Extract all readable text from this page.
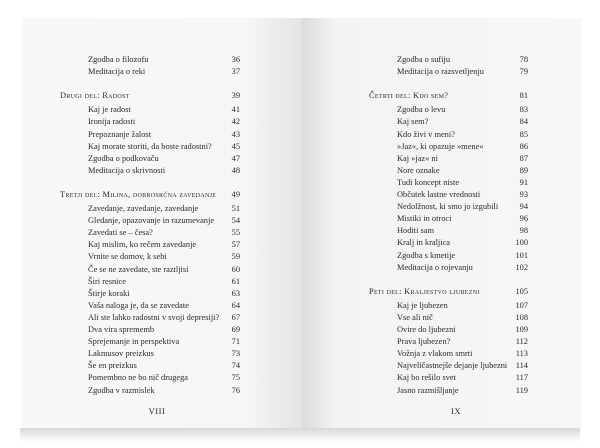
Zgodba o filozofu	36
Meditacija o reki	37
Drugi del: Radost	39
Kaj je radost	41
Ironija radosti	42
Prepoznanje žalost	43
Kaj morate storiti, da boste radostni? 45
Zgodba o podkovaču	47
Meditacija o skrivnosti	48
Tretji del: Milina, dobrosrčna zavedanje 49
Zavedanje, zavedanje, zavedanje	51
Gledanje, opazovanje in razumevanje 54
Zavedati se – česa?	55
Kaj mislim, ko rečem zavedanje	57
Vrnite se domov, k sebi	59
Če se ne zavedate, ste raztljisi	60
Širi resnice	61
Štirje koraki	63
Vaša naloga je, da se zavedate	64
Ali ste lahko radostni v svoji depresiji? 67
Dva vira sprememb	69
Sprejemanje in perspektiva	71
Lakmusov preizkus	73
Še en preizkus	74
Pomembno ne bo nič drugega	75
Zgodba v razmislek	76
VIII
Zgodba o sufiju	78
Meditacija o razsvetljenju	79
Četrti del: Kdo sem?	81
Zgodba o levu	83
Kaj sem?	84
Kdo živi v meni?	85
»Jaz«, ki opazuje »mene«	86
Kaj »jaz« ni	87
Nore oznake	89
Tudi koncept niste	91
Občutek lastne vrednosti	93
Nedolžnost, ki smo jo izgubili	94
Mistiki in otroci	96
Hoditi sam	98
Kralj in kraljica	100
Zgodba s kmetije	101
Meditacija o rojevanju	102
Peti del: Kraljestvo ljubezni	105
Kaj je ljubezen	107
Vse ali nič	108
Ovire do ljubezni	109
Prava ljubezen?	112
Vožnja z vlakom smrti	113
Najveličastnejše dejanje ljubezni 114
Kaj bo rešilo svet	117
Jasno razmišljanje	119
IX
